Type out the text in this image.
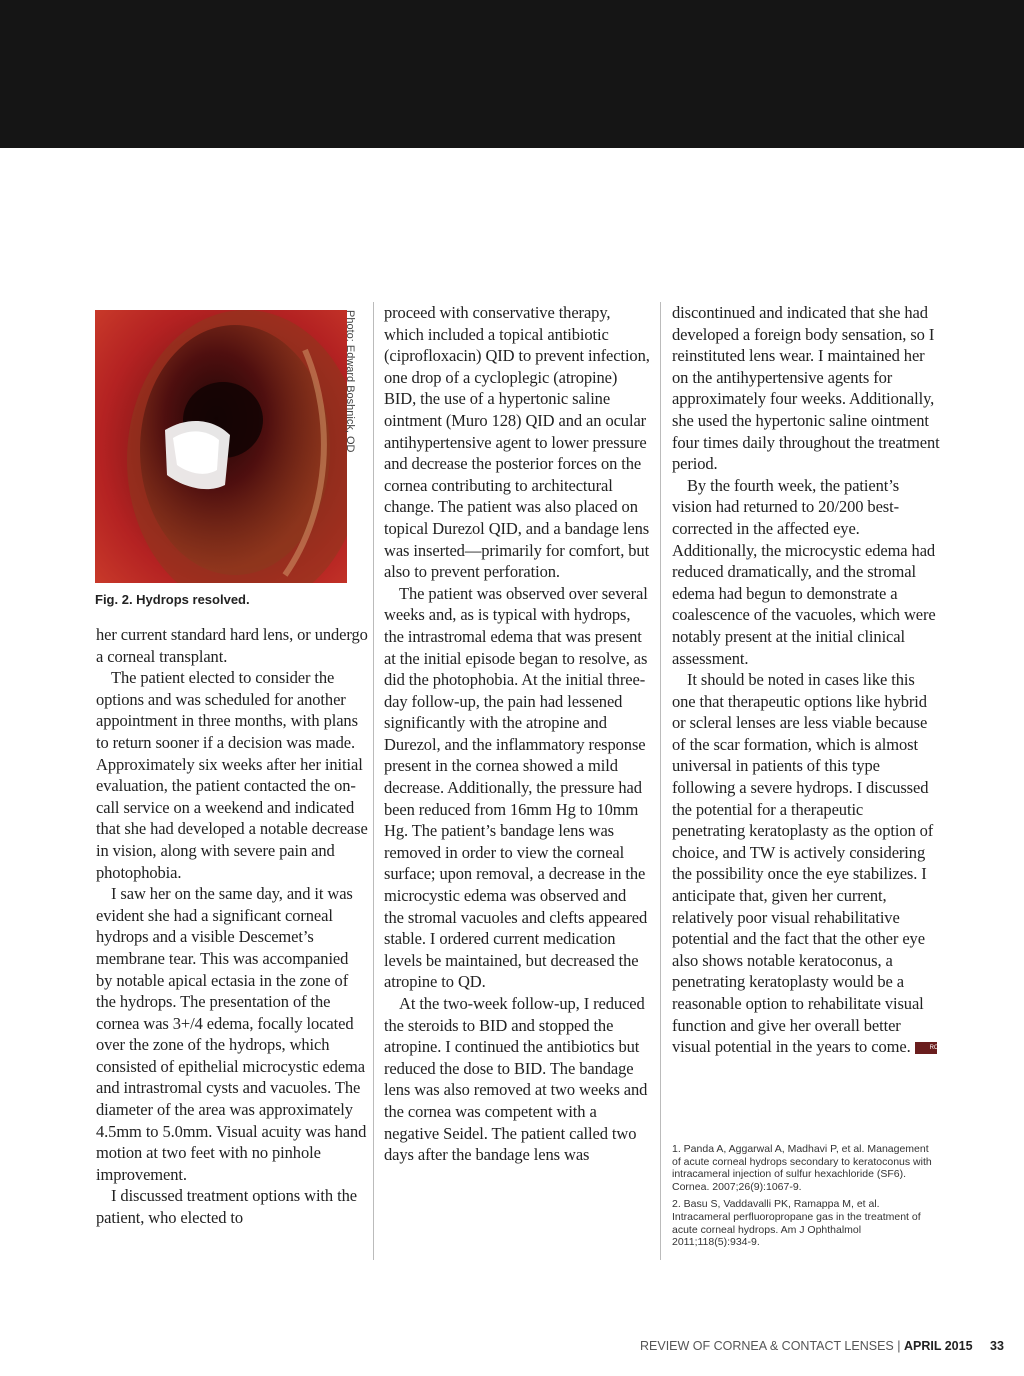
Photo: Edward Boshnick, OD
Fig. 2. Hydrops resolved.

her current standard hard lens, or undergo a corneal transplant.

The patient elected to consider the options and was scheduled for another appointment in three months, with plans to return sooner if a decision was made. Approximately six weeks after her initial evaluation, the patient contacted the on-call service on a weekend and indicated that she had developed a notable decrease in vision, along with severe pain and photophobia.

I saw her on the same day, and it was evident she had a significant corneal hydrops and a visible Descemet’s membrane tear. This was accompanied by notable apical ectasia in the zone of the hydrops. The presentation of the cornea was 3+/4 edema, focally located over the zone of the hydrops, which consisted of epithelial microcystic edema and intrastromal cysts and vacuoles. The diameter of the area was approximately 4.5mm to 5.0mm. Visual acuity was hand motion at two feet with no pinhole improvement.

I discussed treatment options with the patient, who elected to

proceed with conservative therapy, which included a topical antibiotic (ciprofloxacin) QID to prevent infection, one drop of a cycloplegic (atropine) BID, the use of a hypertonic saline ointment (Muro 128) QID and an ocular antihypertensive agent to lower pressure and decrease the posterior forces on the cornea contributing to architectural change. The patient was also placed on topical Durezol QID, and a bandage lens was inserted—primarily for comfort, but also to prevent perforation.

The patient was observed over several weeks and, as is typical with hydrops, the intrastromal edema that was present at the initial episode began to resolve, as did the photophobia. At the initial three-day follow-up, the pain had lessened significantly with the atropine and Durezol, and the inflammatory response present in the cornea showed a mild decrease. Additionally, the pressure had been reduced from 16mm Hg to 10mm Hg. The patient’s bandage lens was removed in order to view the corneal surface; upon removal, a decrease in the microcystic edema was observed and the stromal vacuoles and clefts appeared stable. I ordered current medication levels be maintained, but decreased the atropine to QD.

At the two-week follow-up, I reduced the steroids to BID and stopped the atropine. I continued the antibiotics but reduced the dose to BID. The bandage lens was also removed at two weeks and the cornea was competent with a negative Seidel. The patient called two days after the bandage lens was

discontinued and indicated that she had developed a foreign body sensation, so I reinstituted lens wear. I maintained her on the antihypertensive agents for approximately four weeks. Additionally, she used the hypertonic saline ointment four times daily throughout the treatment period.

By the fourth week, the patient’s vision had returned to 20/200 best-corrected in the affected eye. Additionally, the microcystic edema had reduced dramatically, and the stromal edema had begun to demonstrate a coalescence of the vacuoles, which were notably present at the initial clinical assessment.

It should be noted in cases like this one that therapeutic options like hybrid or scleral lenses are less viable because of the scar formation, which is almost universal in patients of this type following a severe hydrops. I discussed the potential for a therapeutic penetrating keratoplasty as the option of choice, and TW is actively considering the possibility once the eye stabilizes. I anticipate that, given her current, relatively poor visual rehabilitative potential and the fact that the other eye also shows notable keratoconus, a penetrating keratoplasty would be a reasonable option to rehabilitate visual function and give her overall better visual potential in the years to come.	RCCL

1. Panda A, Aggarwal A, Madhavi P, et al. Management of acute corneal hydrops secondary to keratoconus with intracameral injection of sulfur hexachloride (SF6). Cornea. 2007;26(9):1067-9.

2. Basu S, Vaddavalli PK, Ramappa M, et al. Intracameral perfluoropropane gas in the treatment of acute corneal hydrops. Am J Ophthalmol 2011;118(5):934-9.

REVIEW OF CORNEA & CONTACT LENSES | APRIL 2015 33
